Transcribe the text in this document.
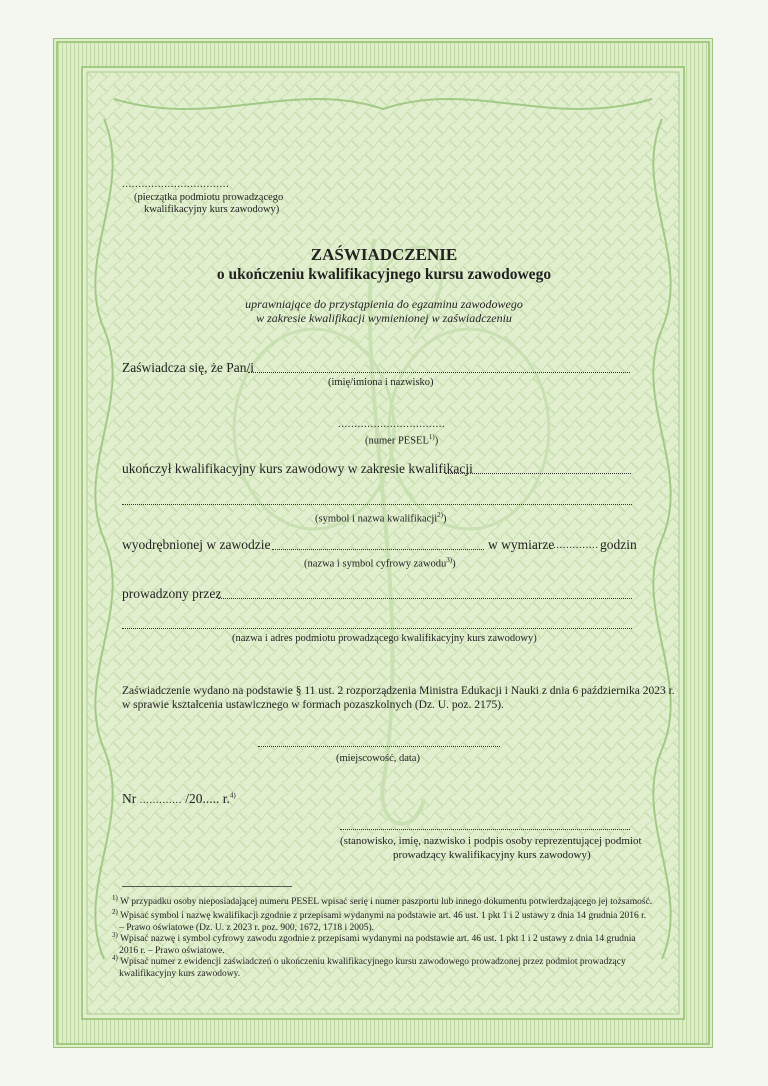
.................................
(pieczątka podmiotu prowadzącego
kwalifikacyjny kurs zawodowy)
ZAŚWIADCZENIE
o ukończeniu kwalifikacyjnego kursu zawodowego
uprawniające do przystąpienia do egzaminu zawodowego
w zakresie kwalifikacji wymienionej w zaświadczeniu
Zaświadcza się, że Pan/i
(imię/imiona i nazwisko)
.................................
(numer PESEL$^{1)}$)
ukończył kwalifikacyjny kurs zawodowy w zakresie kwalifikacji
(symbol i nazwa kwalifikacji$^{2)}$)
wyodrębnionej w zawodzie	w wymiarze
.............. godzin
(nazwa i symbol cyfrowy zawodu$^{3)}$)
prowadzony przez
(nazwa i adres podmiotu prowadzącego kwalifikacyjny kurs zawodowy)
Zaświadczenie wydano na podstawie § 11 ust. 2 rozporządzenia Ministra Edukacji i Nauki z dnia 6 października 2023 r.
w sprawie kształcenia ustawicznego w formach pozaszkolnych (Dz. U. poz. 2175).
(miejscowość, data)
Nr ............. /20..... r.$^{4)}$
(stanowisko, imię, nazwisko i podpis osoby reprezentującej podmiot
prowadzący kwalifikacyjny kurs zawodowy)
$^{1)}$ W przypadku osoby nieposiadającej numeru PESEL wpisać serię i numer paszportu lub innego dokumentu potwierdzającego jej tożsamość.
$^{2)}$ Wpisać symbol i nazwę kwalifikacji zgodnie z przepisami wydanymi na podstawie art. 46 ust. 1 pkt 1 i 2 ustawy z dnia 14 grudnia 2016 r.
– Prawo oświatowe (Dz. U. z 2023 r. poz. 900, 1672, 1718 i 2005).
$^{3)}$ Wpisać nazwę i symbol cyfrowy zawodu zgodnie z przepisami wydanymi na podstawie art. 46 ust. 1 pkt 1 i 2 ustawy z dnia 14 grudnia
2016 r. – Prawo oświatowe.
$^{4)}$ Wpisać numer z ewidencji zaświadczeń o ukończeniu kwalifikacyjnego kursu zawodowego prowadzonej przez podmiot prowadzący
kwalifikacyjny kurs zawodowy.
